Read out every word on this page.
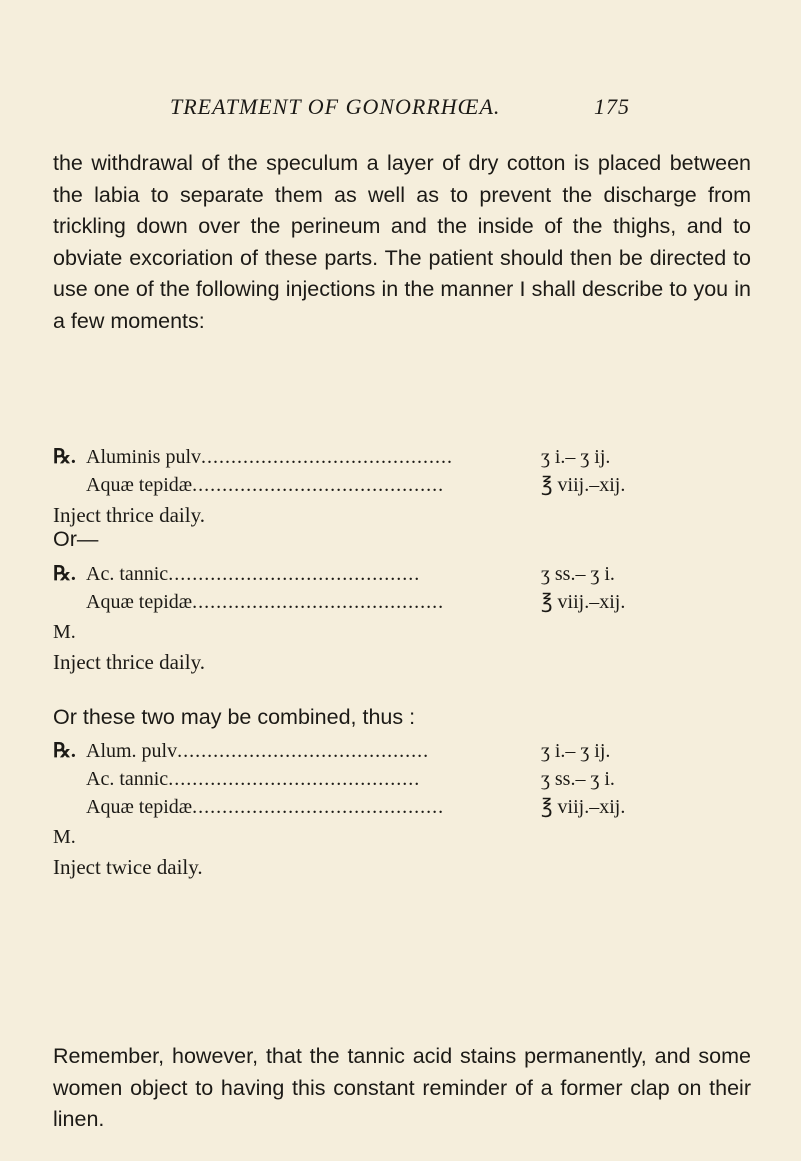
TREATMENT OF GONORRHŒA.	175

the withdrawal of the speculum a layer of dry cotton is placed between the labia to separate them as well as to prevent the discharge from trickling down over the perineum and the inside of the thighs, and to obviate excoriation of these parts. The patient should then be directed to use one of the following injections in the manner I shall describe to you in a few moments:

℞. Aluminis pulv..........................................	ʒ i.– ʒ ij.
Aquæ tepidæ..........................................	℥ viij.–xij.
Inject thrice daily.
Or—
℞. Ac. tannic..........................................	ʒ ss.– ʒ i.
Aquæ tepidæ..........................................	℥ viij.–xij.
M.
Inject thrice daily.
Or these two may be combined, thus :
℞. Alum. pulv..........................................	ʒ i.– ʒ ij.
Ac. tannic..........................................	ʒ ss.– ʒ i.
Aquæ tepidæ..........................................	℥ viij.–xij.
M.
Inject twice daily.

Remember, however, that the tannic acid stains permanently, and some women object to having this constant reminder of a former clap on their linen.
